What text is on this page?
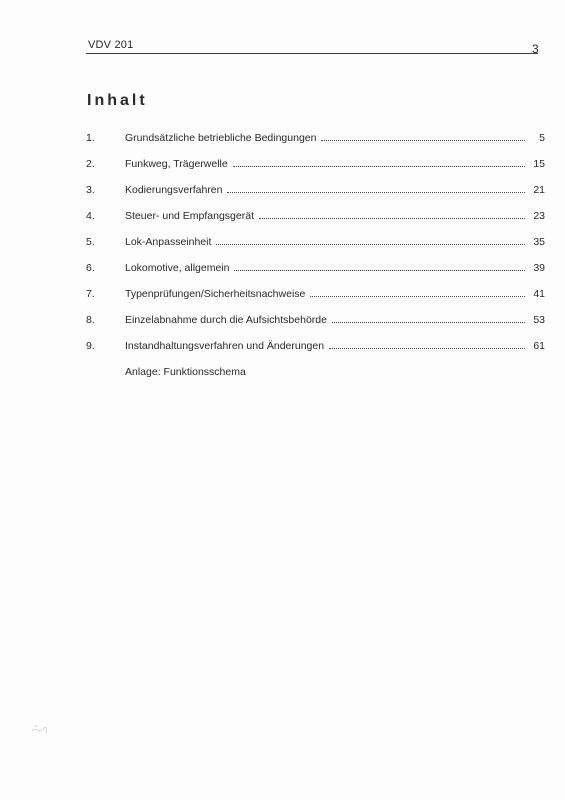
VDV 201	3
Inhalt
1.	Grundsätzliche betriebliche Bedingungen	5
2.	Funkweg, Trägerwelle	15
3.	Kodierungsverfahren	21
4.	Steuer- und Empfangsgerät	23
5.	Lok-Anpasseinheit	35
6.	Lokomotive, allgemein	39
7.	Typenprüfungen/Sicherheitsnachweise	41
8.	Einzelabnahme durch die Aufsichtsbehörde	53
9.	Instandhaltungsverfahren und Änderungen	61
Anlage: Funktionsschema
